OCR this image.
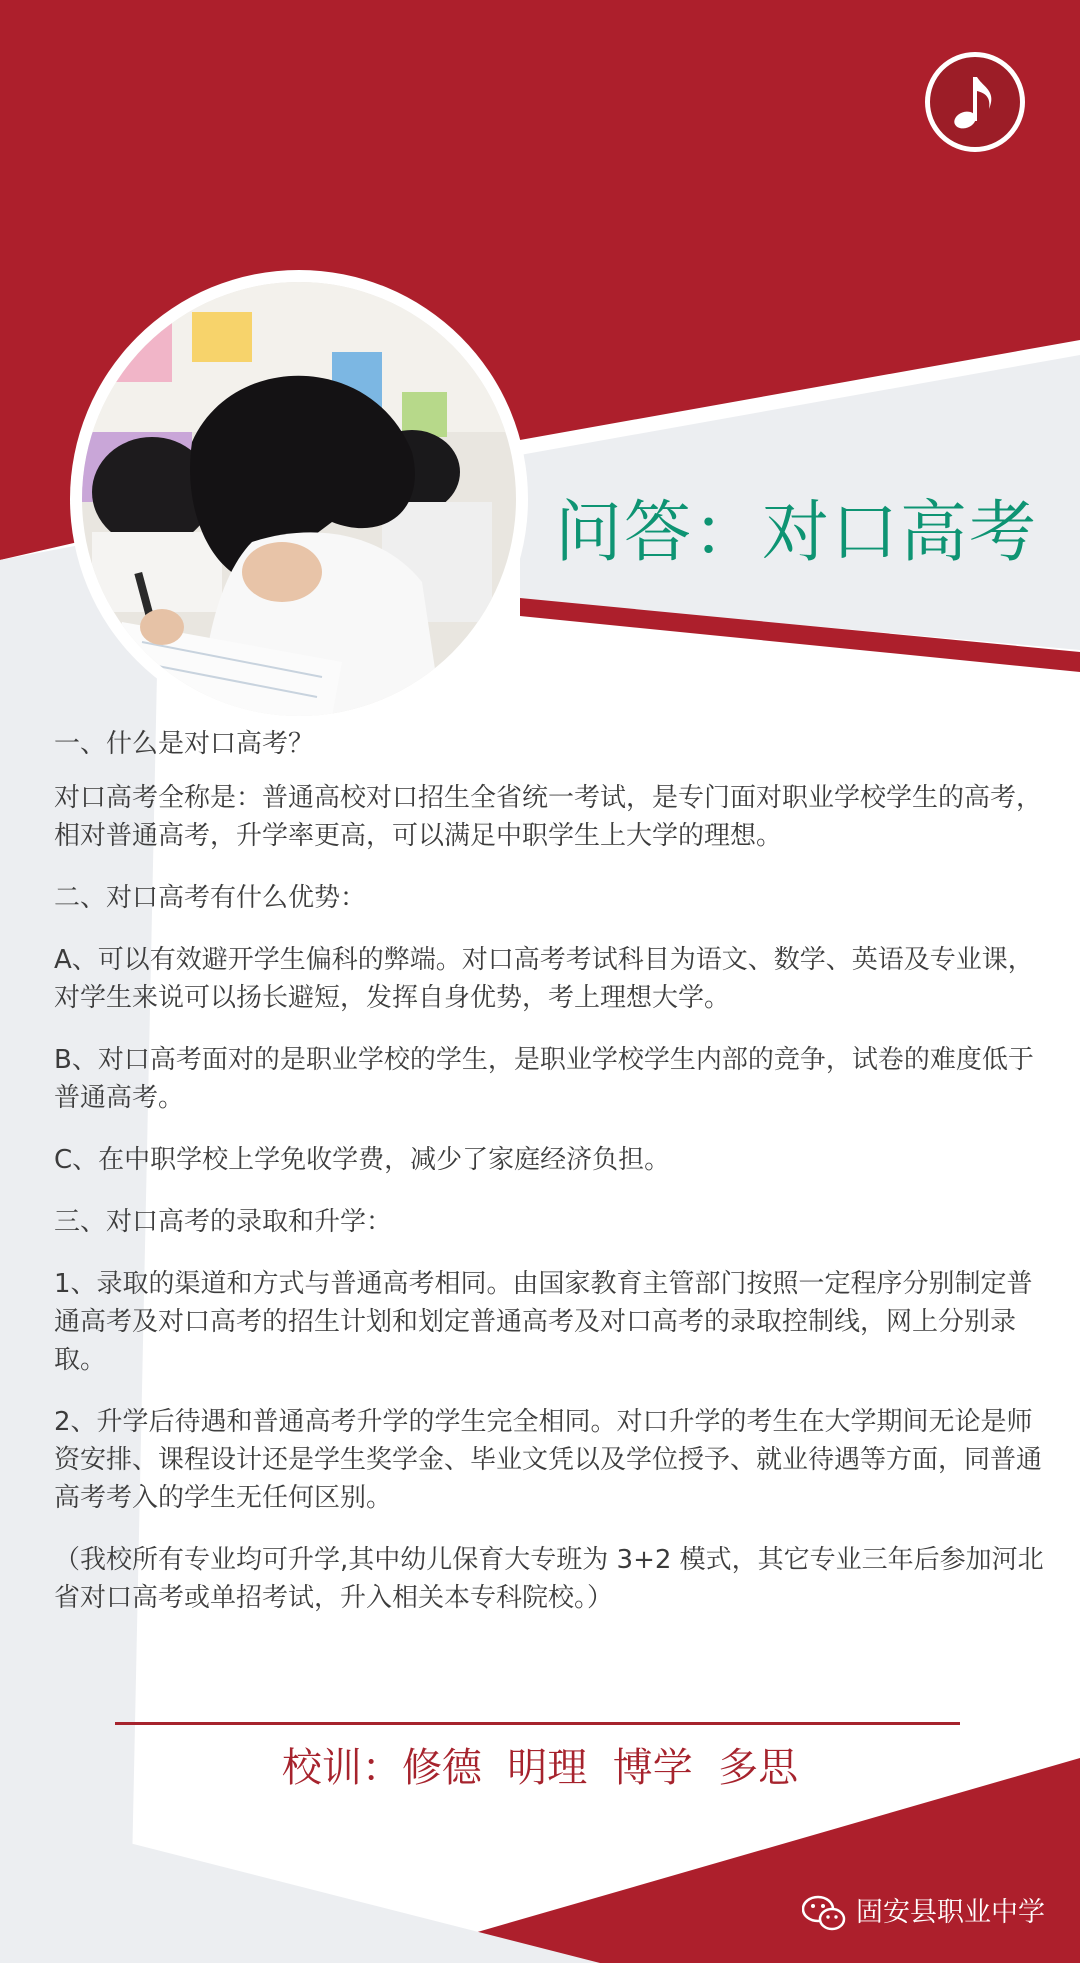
问答：对口高考

一、什么是对口高考？

对口高考全称是：普通高校对口招生全省统一考试，是专门面对职业学校学生的高考，相对普通高考，升学率更高，可以满足中职学生上大学的理想。

二、对口高考有什么优势：

A、可以有效避开学生偏科的弊端。对口高考考试科目为语文、数学、英语及专业课，对学生来说可以扬长避短，发挥自身优势，考上理想大学。

B、对口高考面对的是职业学校的学生，是职业学校学生内部的竞争，试卷的难度低于普通高考。

C、在中职学校上学免收学费，减少了家庭经济负担。

三、对口高考的录取和升学：

1、录取的渠道和方式与普通高考相同。由国家教育主管部门按照一定程序分别制定普通高考及对口高考的招生计划和划定普通高考及对口高考的录取控制线，网上分别录取。

2、升学后待遇和普通高考升学的学生完全相同。对口升学的考生在大学期间无论是师资安排、课程设计还是学生奖学金、毕业文凭以及学位授予、就业待遇等方面，同普通高考考入的学生无任何区别。

（我校所有专业均可升学,其中幼儿保育大专班为 3+2 模式，其它专业三年后参加河北省对口高考或单招考试，升入相关本专科院校。）

校训：修德  明理  博学  多思
固安县职业中学
